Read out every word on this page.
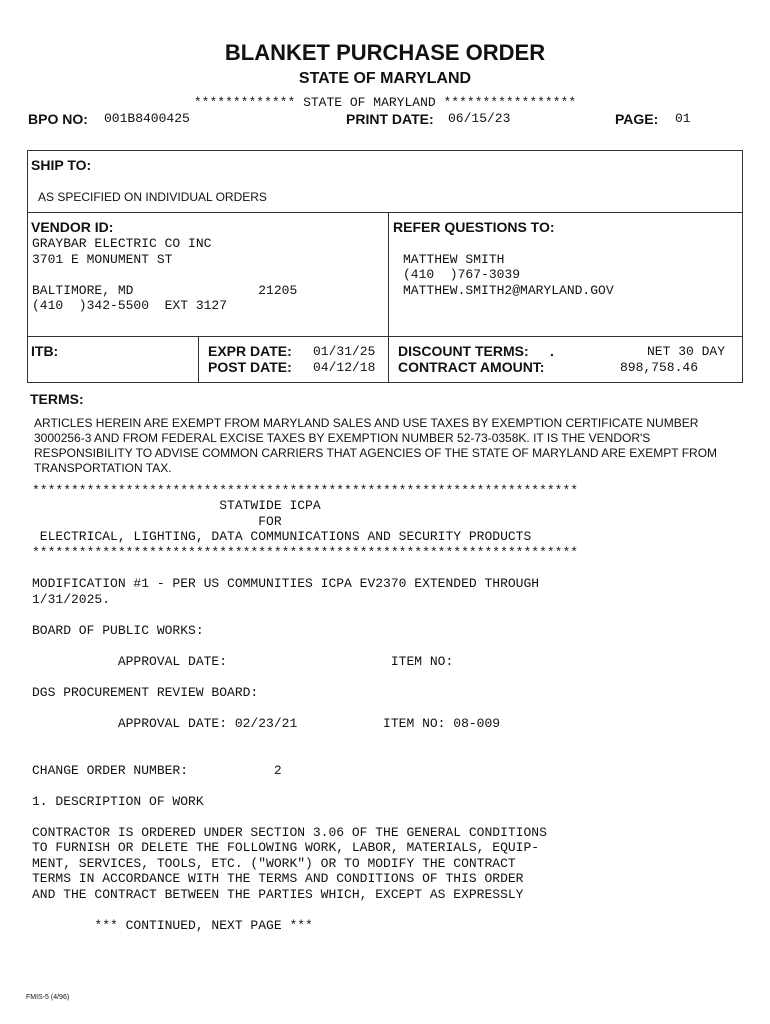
BLANKET PURCHASE ORDER
STATE OF MARYLAND
************* STATE OF MARYLAND *****************
BPO NO: 001B8400425	PRINT DATE: 06/15/23	PAGE: 01
SHIP TO:
AS SPECIFIED ON INDIVIDUAL ORDERS
VENDOR ID:
GRAYBAR ELECTRIC CO INC
3701 E MONUMENT ST
BALTIMORE, MD                21205
(410  )342-5500  EXT 3127
REFER QUESTIONS TO:
MATTHEW SMITH
(410  )767-3039
MATTHEW.SMITH2@MARYLAND.GOV
ITB:	EXPR DATE: 01/31/25
POST DATE: 04/12/18
DISCOUNT TERMS: .	NET 30 DAY
CONTRACT AMOUNT:	898,758.46
TERMS:
ARTICLES HEREIN ARE EXEMPT FROM MARYLAND SALES AND USE TAXES BY EXEMPTION CERTIFICATE NUMBER 3000256-3 AND FROM FEDERAL EXCISE TAXES BY EXEMPTION NUMBER 52-73-0358K. IT IS THE VENDOR'S RESPONSIBILITY TO ADVISE COMMON CARRIERS THAT AGENCIES OF THE STATE OF MARYLAND ARE EXEMPT FROM TRANSPORTATION TAX.
**********************************************************************
STATWIDE ICPA
FOR
ELECTRICAL, LIGHTING, DATA COMMUNICATIONS AND SECURITY PRODUCTS
**********************************************************************
MODIFICATION #1 - PER US COMMUNITIES ICPA EV2370 EXTENDED THROUGH
1/31/2025.
BOARD OF PUBLIC WORKS:
APPROVAL DATE:                     ITEM NO:
DGS PROCUREMENT REVIEW BOARD:
APPROVAL DATE: 02/23/21           ITEM NO: 08-009
CHANGE ORDER NUMBER:           2
1. DESCRIPTION OF WORK
CONTRACTOR IS ORDERED UNDER SECTION 3.06 OF THE GENERAL CONDITIONS
TO FURNISH OR DELETE THE FOLLOWING WORK, LABOR, MATERIALS, EQUIP-
MENT, SERVICES, TOOLS, ETC. ("WORK") OR TO MODIFY THE CONTRACT
TERMS IN ACCORDANCE WITH THE TERMS AND CONDITIONS OF THIS ORDER
AND THE CONTRACT BETWEEN THE PARTIES WHICH, EXCEPT AS EXPRESSLY
*** CONTINUED, NEXT PAGE ***
FMIS-5 (4/96)
